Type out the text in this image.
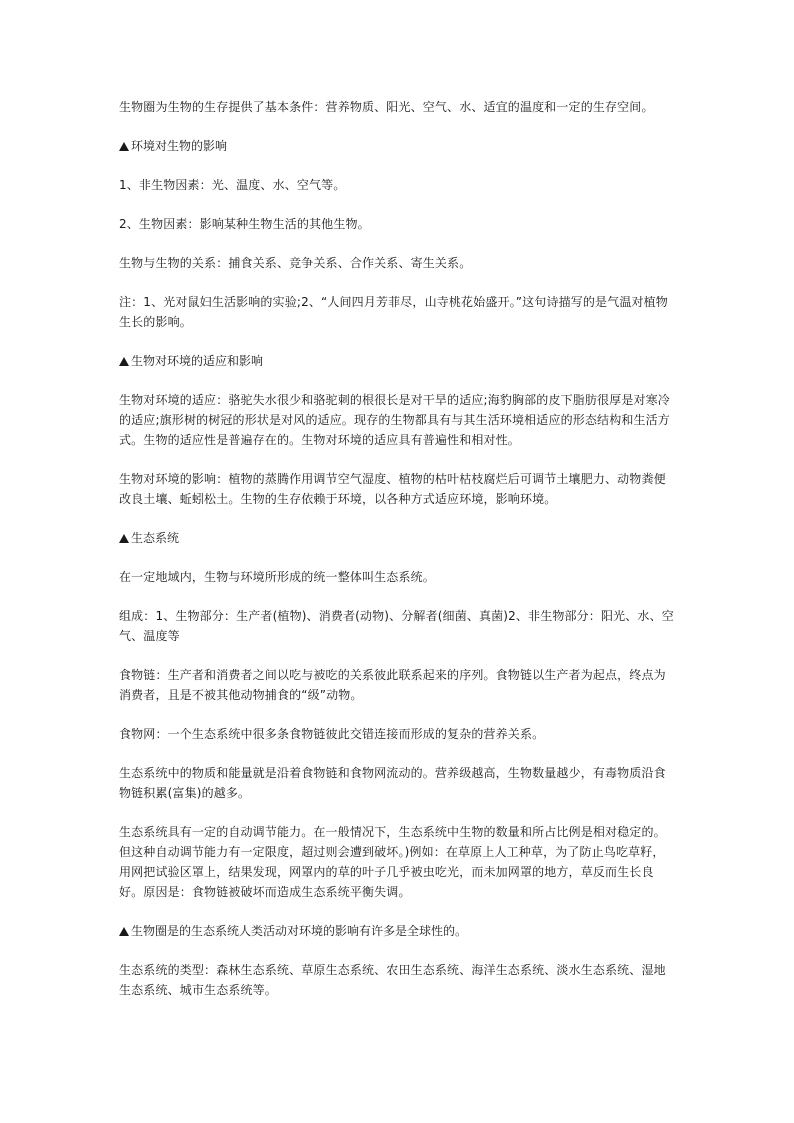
生物圈为生物的生存提供了基本条件：营养物质、阳光、空气、水、适宜的温度和一定的生存空间。

环境对生物的影响

1、非生物因素：光、温度、水、空气等。

2、生物因素：影响某种生物生活的其他生物。

生物与生物的关系：捕食关系、竞争关系、合作关系、寄生关系。

注：1、光对鼠妇生活影响的实验;2、“人间四月芳菲尽，山寺桃花始盛开。”这句诗描写的是气温对植物生长的影响。

生物对环境的适应和影响

生物对环境的适应：骆驼失水很少和骆驼刺的根很长是对干旱的适应;海豹胸部的皮下脂肪很厚是对寒冷的适应;旗形树的树冠的形状是对风的适应。现存的生物都具有与其生活环境相适应的形态结构和生活方式。生物的适应性是普遍存在的。生物对环境的适应具有普遍性和相对性。

生物对环境的影响：植物的蒸腾作用调节空气湿度、植物的枯叶枯枝腐烂后可调节土壤肥力、动物粪便改良土壤、蚯蚓松土。生物的生存依赖于环境，以各种方式适应环境，影响环境。

生态系统

在一定地域内，生物与环境所形成的统一整体叫生态系统。

组成：1、生物部分：生产者(植物)、消费者(动物)、分解者(细菌、真菌)2、非生物部分：阳光、水、空气、温度等

食物链：生产者和消费者之间以吃与被吃的关系彼此联系起来的序列。食物链以生产者为起点，终点为消费者，且是不被其他动物捕食的“级”动物。

食物网：一个生态系统中很多条食物链彼此交错连接而形成的复杂的营养关系。

生态系统中的物质和能量就是沿着食物链和食物网流动的。营养级越高，生物数量越少，有毒物质沿食物链积累(富集)的越多。

生态系统具有一定的自动调节能力。在一般情况下，生态系统中生物的数量和所占比例是相对稳定的。但这种自动调节能力有一定限度，超过则会遭到破坏。)例如：在草原上人工种草，为了防止鸟吃草籽，用网把试验区罩上，结果发现，网罩内的草的叶子几乎被虫吃光，而未加网罩的地方，草反而生长良好。原因是：食物链被破坏而造成生态系统平衡失调。

生物圈是的生态系统人类活动对环境的影响有许多是全球性的。

生态系统的类型：森林生态系统、草原生态系统、农田生态系统、海洋生态系统、淡水生态系统、湿地生态系统、城市生态系统等。
